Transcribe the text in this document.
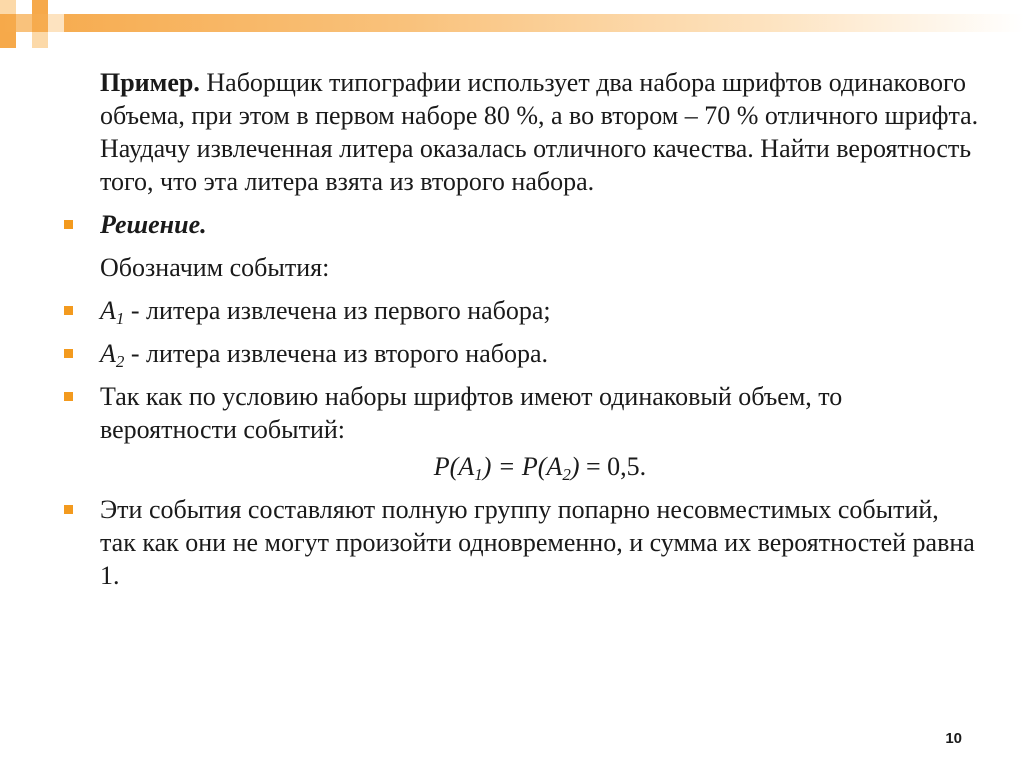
Пример. Наборщик типографии использует два набора шрифтов одинакового объема, при этом в первом наборе 80 %, а во втором – 70 % отличного шрифта. Наудачу извлеченная литера оказалась отличного качества. Найти вероятность того, что эта литера взята из второго набора.
Решение.
Обозначим события:
$A_1$ - литера извлечена из первого набора;
$A_2$ - литера извлечена из второго набора.
Так как по условию наборы шрифтов имеют одинаковый объем, то вероятности событий:
$P(A_1) = P(A_2) = 0,5$.
Эти события составляют полную группу попарно несовместимых событий, так как они не могут произойти одновременно, и сумма их вероятностей равна 1.
10
